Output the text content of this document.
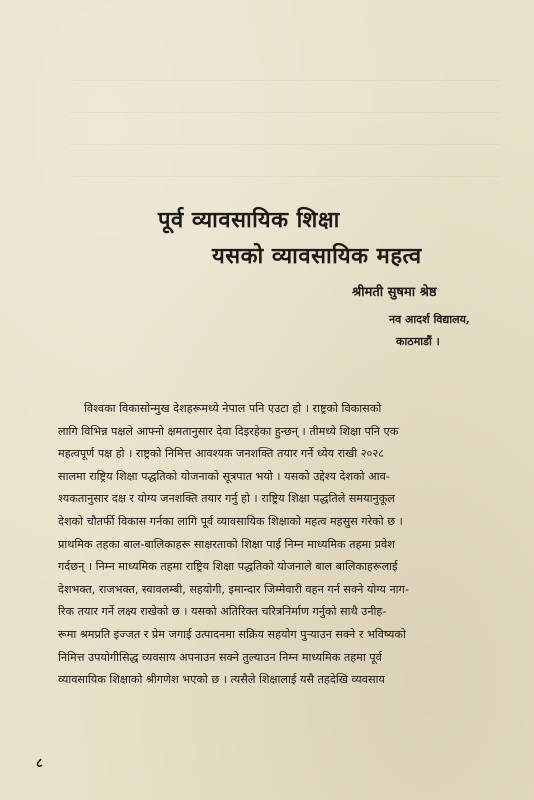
पूर्व व्यावसायिक शिक्षा
यसको व्यावसायिक महत्व
श्रीमती सुषमा श्रेष्ठ
नव आदर्श विद्यालय,
काठमाडौं ।
विश्वका विकासोन्मुख देशहरूमध्ये नेपाल पनि एउटा हो । राष्ट्रको विकासको
लागि विभिन्न पक्षले आफ्नो क्षमतानुसार देवा दिइरहेका हुन्छन् । तीमध्ये शिक्षा पनि एक
महत्वपूर्ण पक्ष हो । राष्ट्रको निमित्त आवश्यक जनशक्ति तयार गर्ने ध्येय राखी २०२८
सालमा राष्ट्रिय शिक्षा पद्धतिको योजनाको सूत्रपात भयो । यसको उद्देश्य देशको आव-
श्यकतानुसार दक्ष र योग्य जनशक्ति तयार गर्नु हो । राष्ट्रिय शिक्षा पद्धतिले समयानुकूल
देशको चौतर्फी विकास गर्नका लागि पूर्व व्यावसायिक शिक्षाको महत्व महसुस गरेको छ ।
प्राथमिक तहका बाल-बालिकाहरू साक्षरताको शिक्षा पाई निम्न माध्यमिक तहमा प्रवेश
गर्दछन् । निम्न माध्यमिक तहमा राष्ट्रिय शिक्षा पद्धतिको योजनाले बाल बालिकाहरूलाई
देशभक्त, राजभक्त, स्वावलम्बी, सहयोगी, इमान्दार जिम्मेवारी वहन गर्न सक्ने योग्य नाग-
रिक तयार गर्ने लक्ष्य राखेको छ । यसको अतिरिक्त चरित्रनिर्माण गर्नुको साथै उनीह-
रूमा श्रमप्रति इज्जत र प्रेम जगाई उत्पादनमा सक्रिय सहयोग पुऱ्याउन सक्ने र भविष्यको
निमित्त उपयोगीसिद्ध व्यवसाय अपनाउन सक्ने तुल्याउन निम्न माध्यमिक तहमा पूर्व
व्यावसायिक शिक्षाको श्रीगणेश भएको छ । त्यसैले शिक्षालाई यसै तहदेखि व्यवसाय
८
